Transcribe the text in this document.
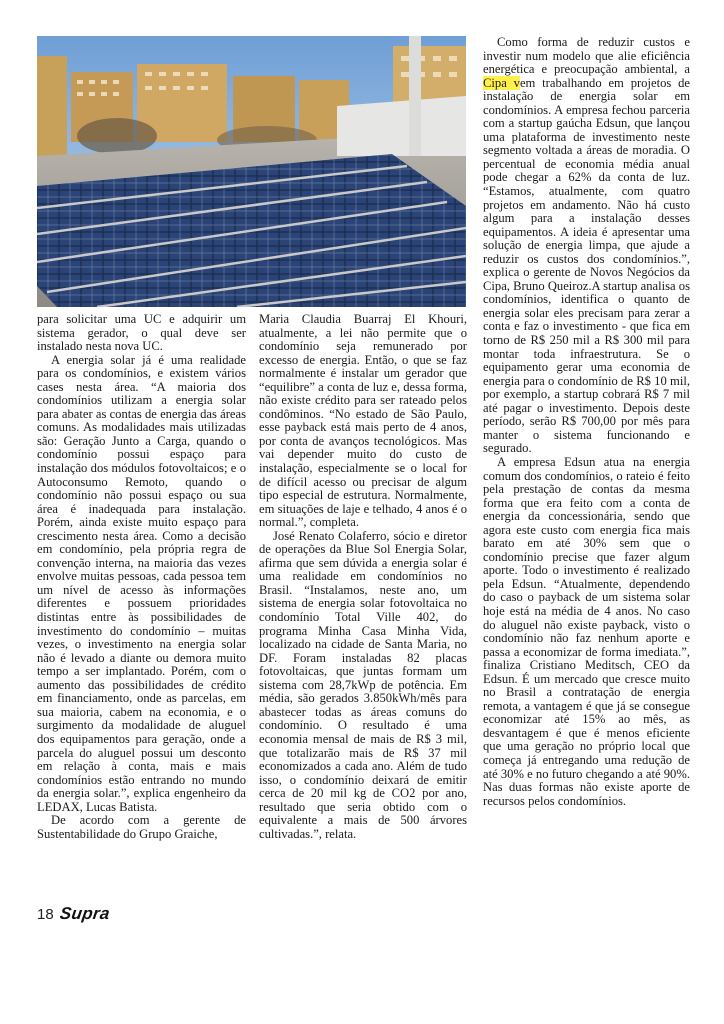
para solicitar uma UC e adquirir um sistema gerador, o qual deve ser instalado nesta nova UC.

A energia solar já é uma realidade para os condomínios, e existem vários cases nesta área. “A maioria dos condomínios utilizam a energia solar para abater as contas de energia das áreas comuns. As modalidades mais utilizadas são: Geração Junto a Carga, quando o condomínio possui espaço para instalação dos módulos fotovoltaicos; e o Autoconsumo Remoto, quando o condomínio não possui espaço ou sua área é inadequada para instalação. Porém, ainda existe muito espaço para crescimento nesta área. Como a decisão em condomínio, pela própria regra de convenção interna, na maioria das vezes envolve muitas pessoas, cada pessoa tem um nível de acesso às informações diferentes e possuem prioridades distintas entre às possibilidades de investimento do condomínio – muitas vezes, o investimento na energia solar não é levado a diante ou demora muito tempo a ser implantado. Porém, com o aumento das possibilidades de crédito em financiamento, onde as parcelas, em sua maioria, cabem na economia, e o surgimento da modalidade de aluguel dos equipamentos para geração, onde a parcela do aluguel possui um desconto em relação à conta, mais e mais condomínios estão entrando no mundo da energia solar.”, explica engenheiro da LEDAX, Lucas Batista.

De acordo com a gerente de Sustentabilidade do Grupo Graiche,

Maria Claudia Buarraj El Khouri, atualmente, a lei não permite que o condomínio seja remunerado por excesso de energia. Então, o que se faz normalmente é instalar um gerador que “equilibre” a conta de luz e, dessa forma, não existe crédito para ser rateado pelos condôminos. “No estado de São Paulo, esse payback está mais perto de 4 anos, por conta de avanços tecnológicos. Mas vai depender muito do custo de instalação, especialmente se o local for de difícil acesso ou precisar de algum tipo especial de estrutura. Normalmente, em situações de laje e telhado, 4 anos é o normal.”, completa.

José Renato Colaferro, sócio e diretor de operações da Blue Sol Energia Solar, afirma que sem dúvida a energia solar é uma realidade em condomínios no Brasil. “Instalamos, neste ano, um sistema de energia solar fotovoltaica no condomínio Total Ville 402, do programa Minha Casa Minha Vida, localizado na cidade de Santa Maria, no DF. Foram instaladas 82 placas fotovoltaicas, que juntas formam um sistema com 28,7kWp de potência. Em média, são gerados 3.850kWh/mês para abastecer todas as áreas comuns do condomínio. O resultado é uma economia mensal de mais de R$ 3 mil, que totalizarão mais de R$ 37 mil economizados a cada ano. Além de tudo isso, o condomínio deixará de emitir cerca de 20 mil kg de CO2 por ano, resultado que seria obtido com o equivalente a mais de 500 árvores cultivadas.”, relata.

Como forma de reduzir custos e investir num modelo que alie eficiência energética e preocupação ambiental, a Cipa vem trabalhando em projetos de instalação de energia solar em condomínios. A empresa fechou parceria com a startup gaúcha Edsun, que lançou uma plataforma de investimento neste segmento voltada a áreas de moradia. O percentual de economia média anual pode chegar a 62% da conta de luz. “Estamos, atualmente, com quatro projetos em andamento. Não há custo algum para a instalação desses equipamentos. A ideia é apresentar uma solução de energia limpa, que ajude a reduzir os custos dos condomínios.”, explica o gerente de Novos Negócios da Cipa, Bruno Queiroz.A startup analisa os condomínios, identifica o quanto de energia solar eles precisam para zerar a conta e faz o investimento - que fica em torno de R$ 250 mil a R$ 300 mil para montar toda infraestrutura. Se o equipamento gerar uma economia de energia para o condomínio de R$ 10 mil, por exemplo, a startup cobrará R$ 7 mil até pagar o investimento. Depois deste período, serão R$ 700,00 por mês para manter o sistema funcionando e segurado.

A empresa Edsun atua na energia comum dos condomínios, o rateio é feito pela prestação de contas da mesma forma que era feito com a conta de energia da concessionária, sendo que agora este custo com energia fica mais barato em até 30% sem que o condomínio precise que fazer algum aporte. Todo o investimento é realizado pela Edsun. “Atualmente, dependendo do caso o payback de um sistema solar hoje está na média de 4 anos. No caso do aluguel não existe payback, visto o condomínio não faz nenhum aporte e passa a economizar de forma imediata.”, finaliza Cristiano Meditsch, CEO da Edsun. É um mercado que cresce muito no Brasil a contratação de energia remota, a vantagem é que já se consegue economizar até 15% ao mês, as desvantagem é que é menos eficiente que uma geração no próprio local que começa já entregando uma redução de até 30% e no futuro chegando a até 90%. Nas duas formas não existe aporte de recursos pelos condomínios.

18 Supra
